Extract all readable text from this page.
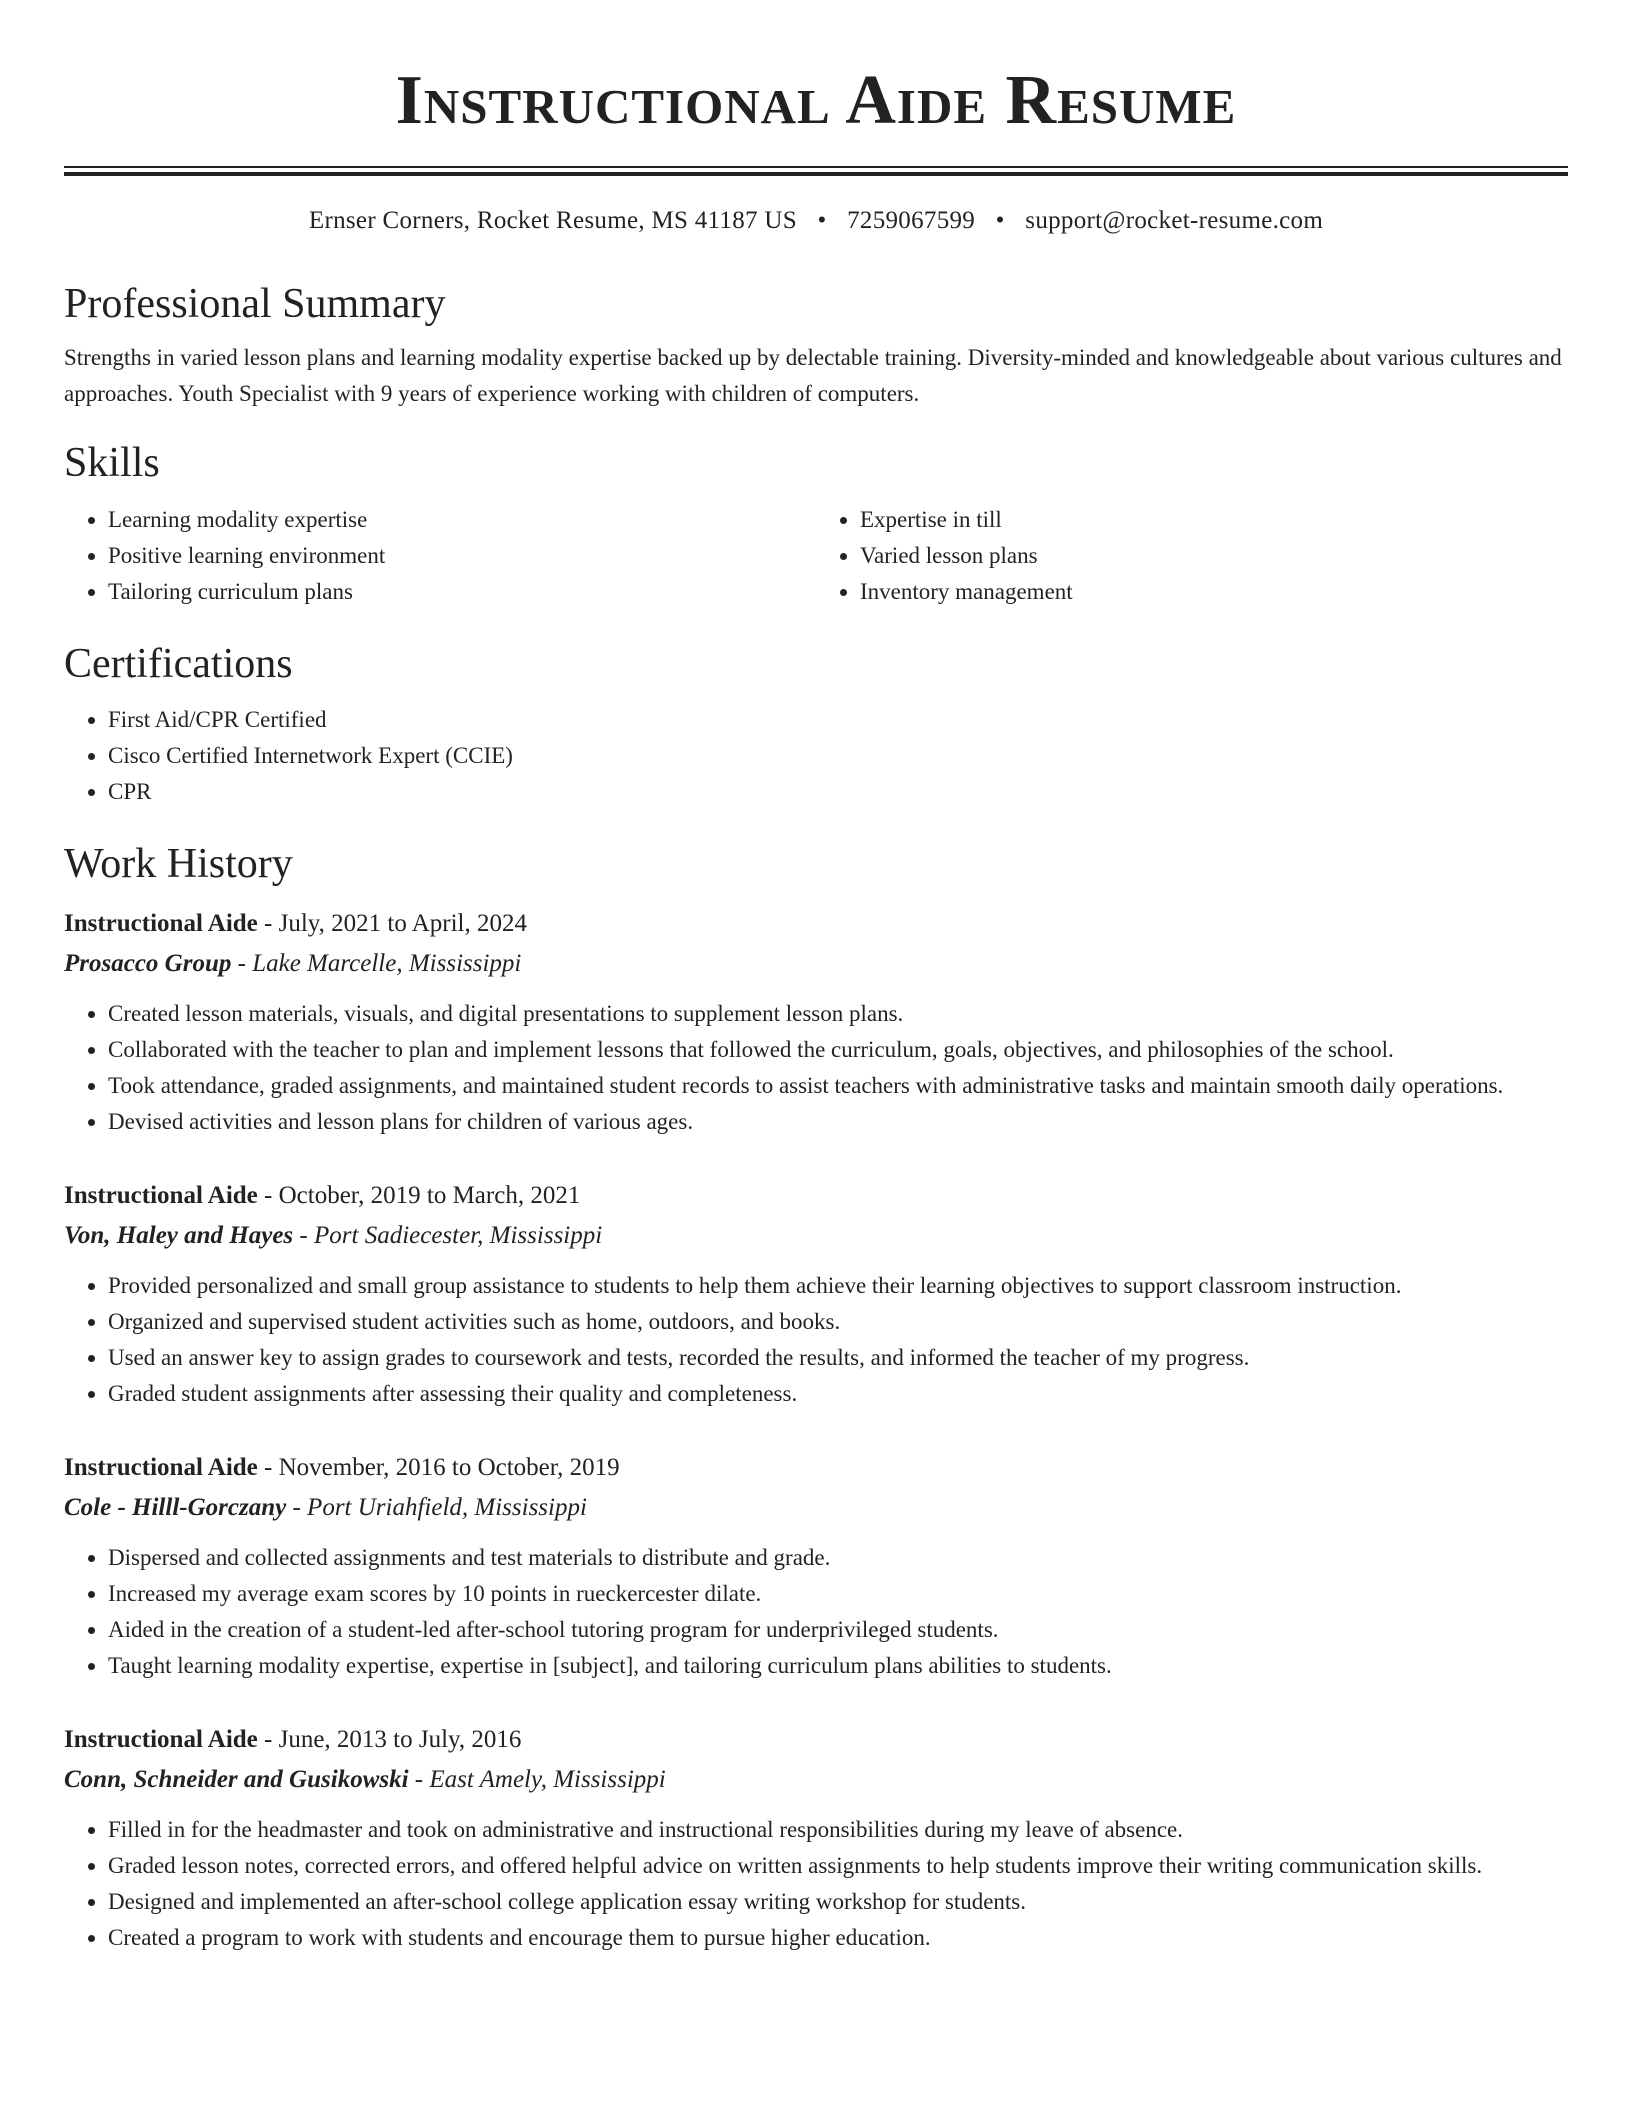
Instructional Aide Resume
Ernser Corners, Rocket Resume, MS 41187 US • 7259067599 • support@rocket-resume.com
Professional Summary

Strengths in varied lesson plans and learning modality expertise backed up by delectable training. Diversity-minded and knowledgeable about various cultures and approaches. Youth Specialist with 9 years of experience working with children of computers.

Skills
• Learning modality expertise
• Positive learning environment
• Tailoring curriculum plans
• Expertise in till
• Varied lesson plans
• Inventory management
Certifications
• First Aid/CPR Certified
• Cisco Certified Internetwork Expert (CCIE)
• CPR
Work History
Instructional Aide - July, 2021 to April, 2024
Prosacco Group - Lake Marcelle, Mississippi
• Created lesson materials, visuals, and digital presentations to supplement lesson plans.
• Collaborated with the teacher to plan and implement lessons that followed the curriculum, goals, objectives, and philosophies of the school.
• Took attendance, graded assignments, and maintained student records to assist teachers with administrative tasks and maintain smooth daily operations.
• Devised activities and lesson plans for children of various ages.
Instructional Aide - October, 2019 to March, 2021
Von, Haley and Hayes - Port Sadiecester, Mississippi
• Provided personalized and small group assistance to students to help them achieve their learning objectives to support classroom instruction.
• Organized and supervised student activities such as home, outdoors, and books.
• Used an answer key to assign grades to coursework and tests, recorded the results, and informed the teacher of my progress.
• Graded student assignments after assessing their quality and completeness.
Instructional Aide - November, 2016 to October, 2019
Cole - Hilll-Gorczany - Port Uriahfield, Mississippi
• Dispersed and collected assignments and test materials to distribute and grade.
• Increased my average exam scores by 10 points in rueckercester dilate.
• Aided in the creation of a student-led after-school tutoring program for underprivileged students.
• Taught learning modality expertise, expertise in [subject], and tailoring curriculum plans abilities to students.
Instructional Aide - June, 2013 to July, 2016
Conn, Schneider and Gusikowski - East Amely, Mississippi
• Filled in for the headmaster and took on administrative and instructional responsibilities during my leave of absence.
• Graded lesson notes, corrected errors, and offered helpful advice on written assignments to help students improve their writing communication skills.
• Designed and implemented an after-school college application essay writing workshop for students.
• Created a program to work with students and encourage them to pursue higher education.
